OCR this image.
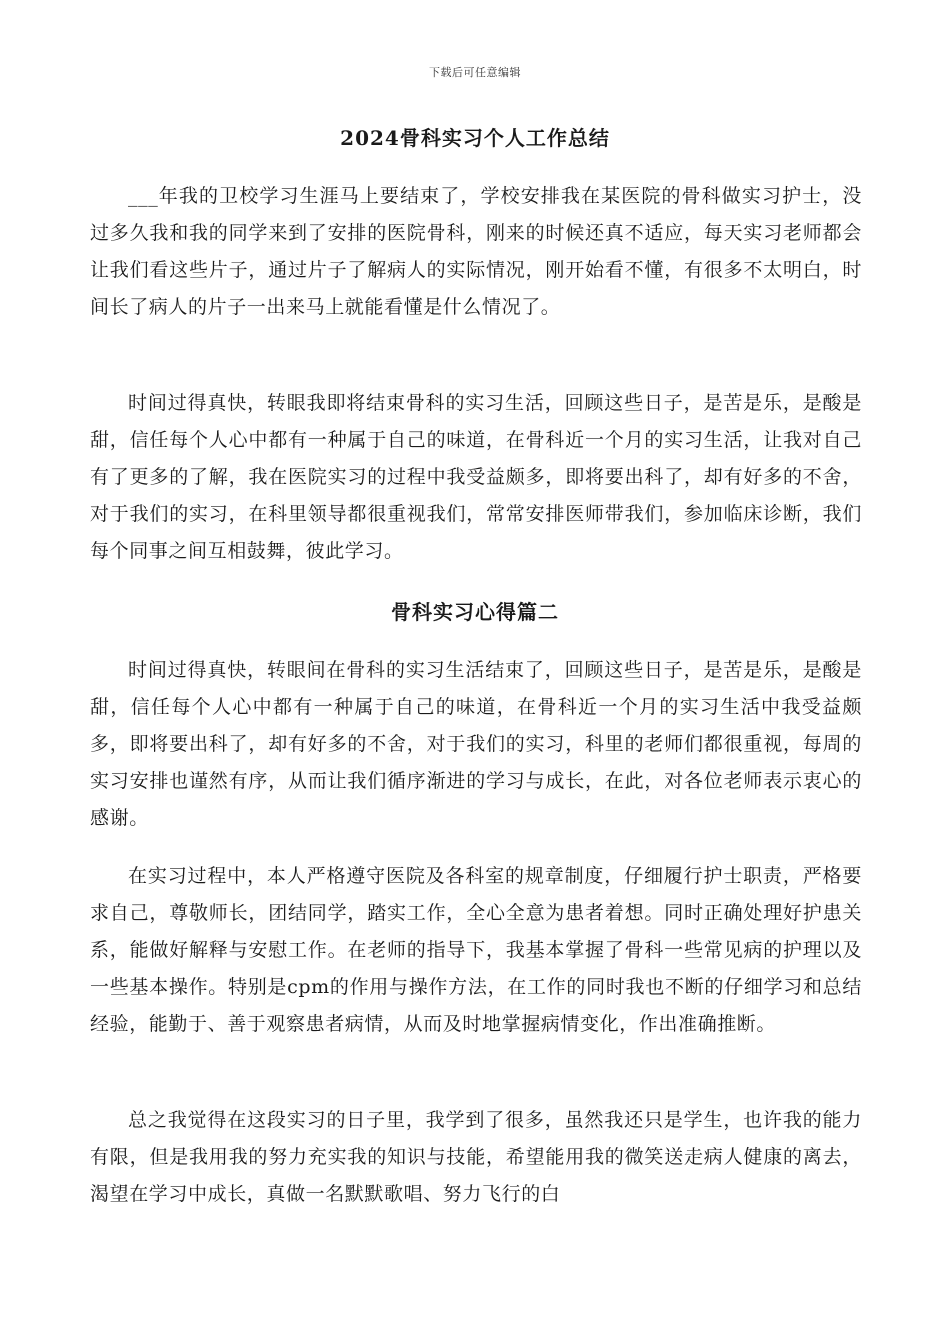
下载后可任意编辑
2024骨科实习个人工作总结

___年我的卫校学习生涯马上要结束了，学校安排我在某医院的骨科做实习护士，没过多久我和我的同学来到了安排的医院骨科，刚来的时候还真不适应，每天实习老师都会让我们看这些片子，通过片子了解病人的实际情况，刚开始看不懂，有很多不太明白，时间长了病人的片子一出来马上就能看懂是什么情况了。

时间过得真快，转眼我即将结束骨科的实习生活，回顾这些日子，是苦是乐，是酸是甜，信任每个人心中都有一种属于自己的味道，在骨科近一个月的实习生活，让我对自己有了更多的了解，我在医院实习的过程中我受益颇多，即将要出科了，却有好多的不舍，对于我们的实习，在科里领导都很重视我们，常常安排医师带我们，参加临床诊断，我们每个同事之间互相鼓舞，彼此学习。

骨科实习心得篇二

时间过得真快，转眼间在骨科的实习生活结束了，回顾这些日子，是苦是乐，是酸是甜，信任每个人心中都有一种属于自己的味道，在骨科近一个月的实习生活中我受益颇多，即将要出科了，却有好多的不舍，对于我们的实习，科里的老师们都很重视，每周的实习安排也谨然有序，从而让我们循序渐进的学习与成长，在此，对各位老师表示衷心的感谢。

在实习过程中，本人严格遵守医院及各科室的规章制度，仔细履行护士职责，严格要求自己，尊敬师长，团结同学，踏实工作，全心全意为患者着想。同时正确处理好护患关系，能做好解释与安慰工作。在老师的指导下，我基本掌握了骨科一些常见病的护理以及一些基本操作。特别是cpm的作用与操作方法，在工作的同时我也不断的仔细学习和总结经验，能勤于、善于观察患者病情，从而及时地掌握病情变化，作出准确推断。

总之我觉得在这段实习的日子里，我学到了很多，虽然我还只是学生，也许我的能力有限，但是我用我的努力充实我的知识与技能，希望能用我的微笑送走病人健康的离去，渴望在学习中成长，真做一名默默歌唱、努力飞行的白
